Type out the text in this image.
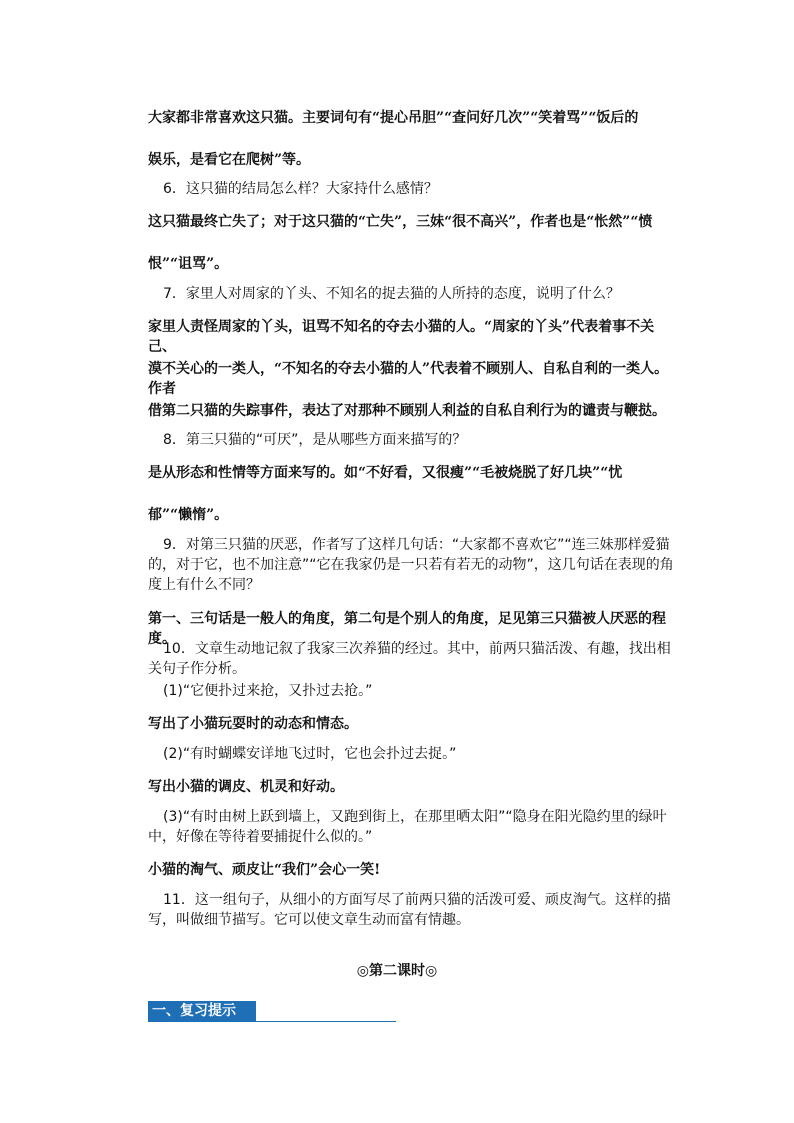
大家都非常喜欢这只猫。主要词句有“提心吊胆”“查问好几次”“笑着骂”“饭后的

娱乐，是看它在爬树”等。

6．这只猫的结局怎么样？大家持什么感情？

这只猫最终亡失了；对于这只猫的“亡失”，三妹“很不高兴”，作者也是“怅然”“愤

恨”“诅骂”。

7．家里人对周家的丫头、不知名的捉去猫的人所持的态度，说明了什么？

家里人责怪周家的丫头，诅骂不知名的夺去小猫的人。“周家的丫头”代表着事不关己、

漠不关心的一类人，“不知名的夺去小猫的人”代表着不顾别人、自私自利的一类人。作者

借第二只猫的失踪事件，表达了对那种不顾别人利益的自私自利行为的谴责与鞭挞。

8．第三只猫的“可厌”，是从哪些方面来描写的？

是从形态和性情等方面来写的。如“不好看，又很瘦”“毛被烧脱了好几块”“忧

郁”“懒惰”。

9．对第三只猫的厌恶，作者写了这样几句话：“大家都不喜欢它”“连三妹那样爱猫的，对于它，也不加注意”“它在我家仍是一只若有若无的动物”，这几句话在表现的角度上有什么不同？

第一、三句话是一般人的角度，第二句是个别人的角度，足见第三只猫被人厌恶的程度。

10．文章生动地记叙了我家三次养猫的经过。其中，前两只猫活泼、有趣，找出相关句子作分析。

(1)“它便扑过来抢，又扑过去抢。”

写出了小猫玩耍时的动态和情态。

(2)“有时蝴蝶安详地飞过时，它也会扑过去捉。”

写出小猫的调皮、机灵和好动。

(3)“有时由树上跃到墙上，又跑到街上，在那里晒太阳”“隐身在阳光隐约里的绿叶中，好像在等待着要捕捉什么似的。”

小猫的淘气、顽皮让“我们”会心一笑!

11．这一组句子，从细小的方面写尽了前两只猫的活泼可爱、顽皮淘气。这样的描写，叫做细节描写。它可以使文章生动而富有情趣。

◎第二课时◎
一、复习提示
